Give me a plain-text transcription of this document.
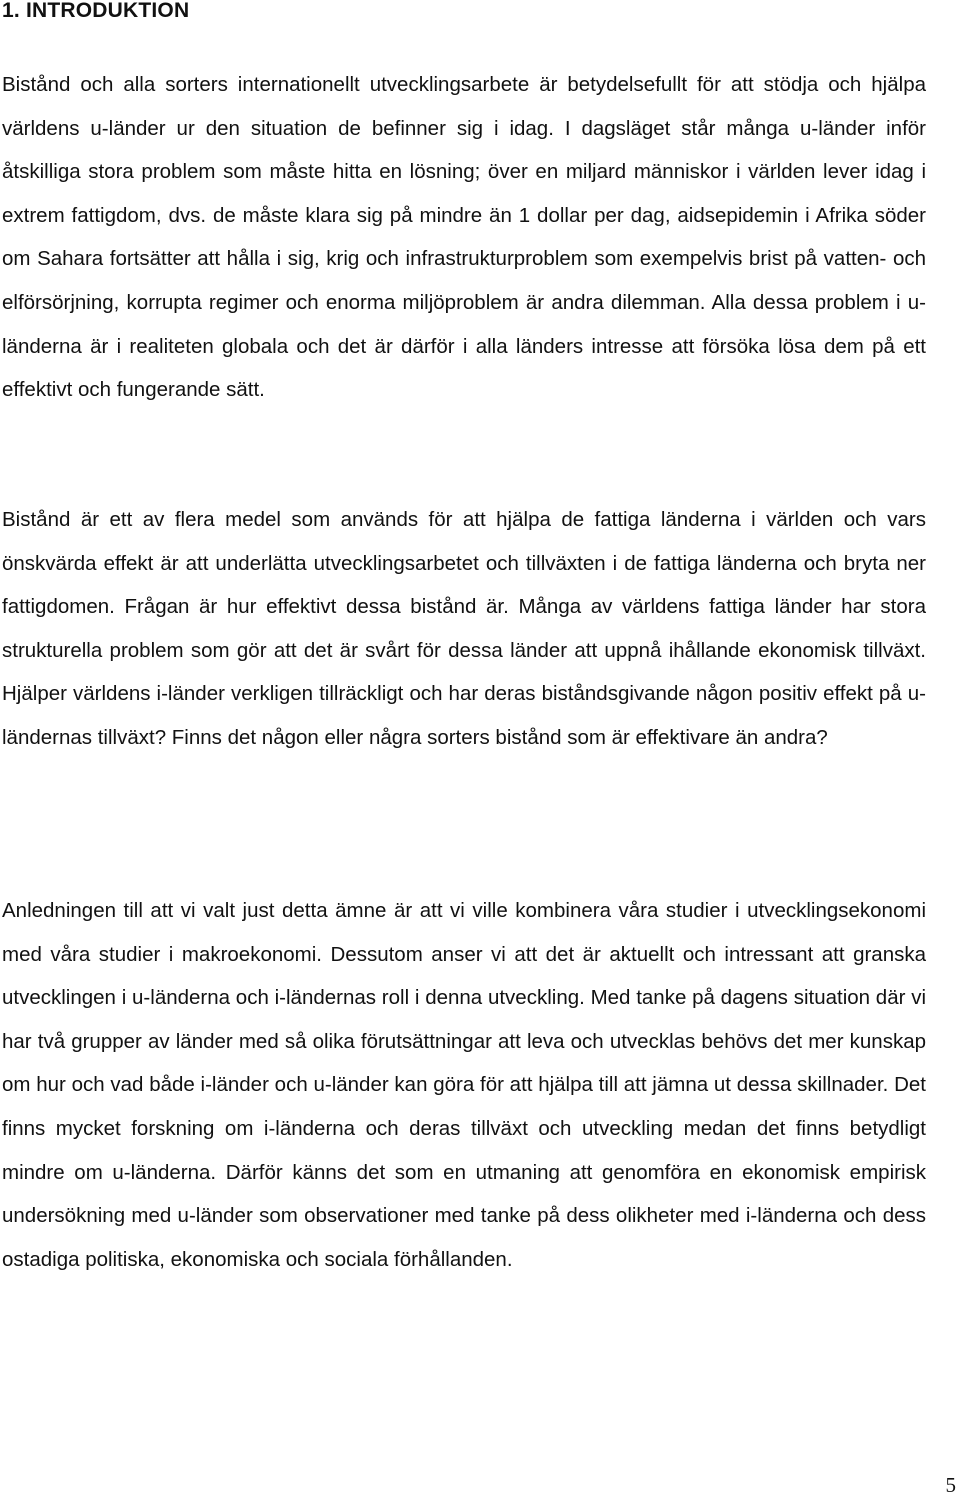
1. INTRODUKTION

Bistånd och alla sorters internationellt utvecklingsarbete är betydelsefullt för att stödja och hjälpa världens u-länder ur den situation de befinner sig i idag. I dagsläget står många u-länder inför åtskilliga stora problem som måste hitta en lösning; över en miljard människor i världen lever idag i extrem fattigdom, dvs. de måste klara sig på mindre än 1 dollar per dag, aidsepidemin i Afrika söder om Sahara fortsätter att hålla i sig, krig och infrastrukturproblem som exempelvis brist på vatten- och elförsörjning, korrupta regimer och enorma miljöproblem är andra dilemman. Alla dessa problem i u-länderna är i realiteten globala och det är därför i alla länders intresse att försöka lösa dem på ett effektivt och fungerande sätt.

Bistånd är ett av flera medel som används för att hjälpa de fattiga länderna i världen och vars önskvärda effekt är att underlätta utvecklingsarbetet och tillväxten i de fattiga länderna och bryta ner fattigdomen. Frågan är hur effektivt dessa bistånd är. Många av världens fattiga länder har stora strukturella problem som gör att det är svårt för dessa länder att uppnå ihållande ekonomisk tillväxt. Hjälper världens i-länder verkligen tillräckligt och har deras biståndsgivande någon positiv effekt på u-ländernas tillväxt? Finns det någon eller några sorters bistånd som är effektivare än andra?

Anledningen till att vi valt just detta ämne är att vi ville kombinera våra studier i utvecklingsekonomi med våra studier i makroekonomi. Dessutom anser vi att det är aktuellt och intressant att granska utvecklingen i u-länderna och i-ländernas roll i denna utveckling. Med tanke på dagens situation där vi har två grupper av länder med så olika förutsättningar att leva och utvecklas behövs det mer kunskap om hur och vad både i-länder och u-länder kan göra för att hjälpa till att jämna ut dessa skillnader. Det finns mycket forskning om i-länderna och deras tillväxt och utveckling medan det finns betydligt mindre om u-länderna. Därför känns det som en utmaning att genomföra en ekonomisk empirisk undersökning med u-länder som observationer med tanke på dess olikheter med i-länderna och dess ostadiga politiska, ekonomiska och sociala förhållanden.

5
